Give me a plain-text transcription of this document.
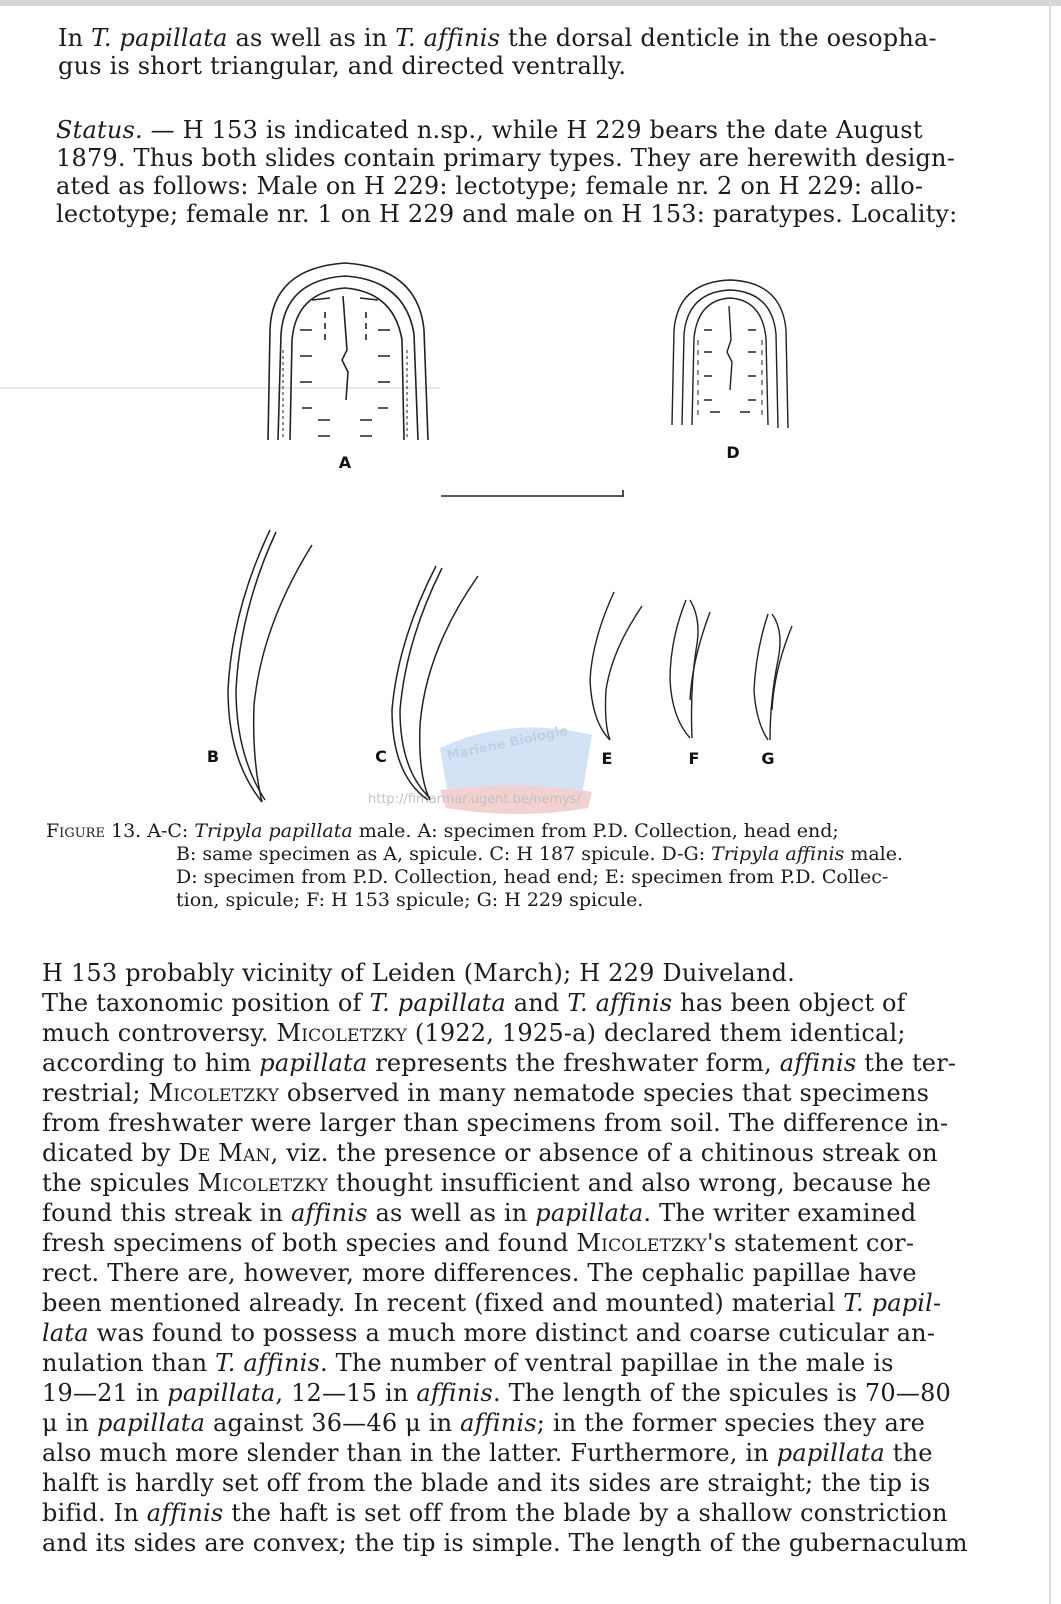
In T. papillata as well as in T. affinis the dorsal denticle in the oesopha-
gus is short triangular, and directed ventrally.
Status. — H 153 is indicated n.sp., while H 229 bears the date August
1879. Thus both slides contain primary types. They are herewith design-
ated as follows: Male on H 229: lectotype; female nr. 2 on H 229: allo-
lectotype; female nr. 1 on H 229 and male on H 153: paratypes. Locality:
A
D
B	C	E	F	G
Mariene Biologie
http://fimarmar.ugent.be/nemys/
Figure 13. A-C: Tripyla papillata male. A: specimen from P.D. Collection, head end;
B: same specimen as A, spicule. C: H 187 spicule. D-G: Tripyla affinis male.
D: specimen from P.D. Collection, head end; E: specimen from P.D. Collec-
tion, spicule; F: H 153 spicule; G: H 229 spicule.
H 153 probably vicinity of Leiden (March); H 229 Duiveland.
The taxonomic position of T. papillata and T. affinis has been object of
much controversy. Micoletzky (1922, 1925-a) declared them identical;
according to him papillata represents the freshwater form, affinis the ter-
restrial; Micoletzky observed in many nematode species that specimens
from freshwater were larger than specimens from soil. The difference in-
dicated by De Man, viz. the presence or absence of a chitinous streak on
the spicules Micoletzky thought insufficient and also wrong, because he
found this streak in affinis as well as in papillata. The writer examined
fresh specimens of both species and found Micoletzky's statement cor-
rect. There are, however, more differences. The cephalic papillae have
been mentioned already. In recent (fixed and mounted) material T. papil-
lata was found to possess a much more distinct and coarse cuticular an-
nulation than T. affinis. The number of ventral papillae in the male is
19—21 in papillata, 12—15 in affinis. The length of the spicules is 70—80
μ in papillata against 36—46 μ in affinis; in the former species they are
also much more slender than in the latter. Furthermore, in papillata the
halft is hardly set off from the blade and its sides are straight; the tip is
bifid. In affinis the haft is set off from the blade by a shallow constriction
and its sides are convex; the tip is simple. The length of the gubernaculum
